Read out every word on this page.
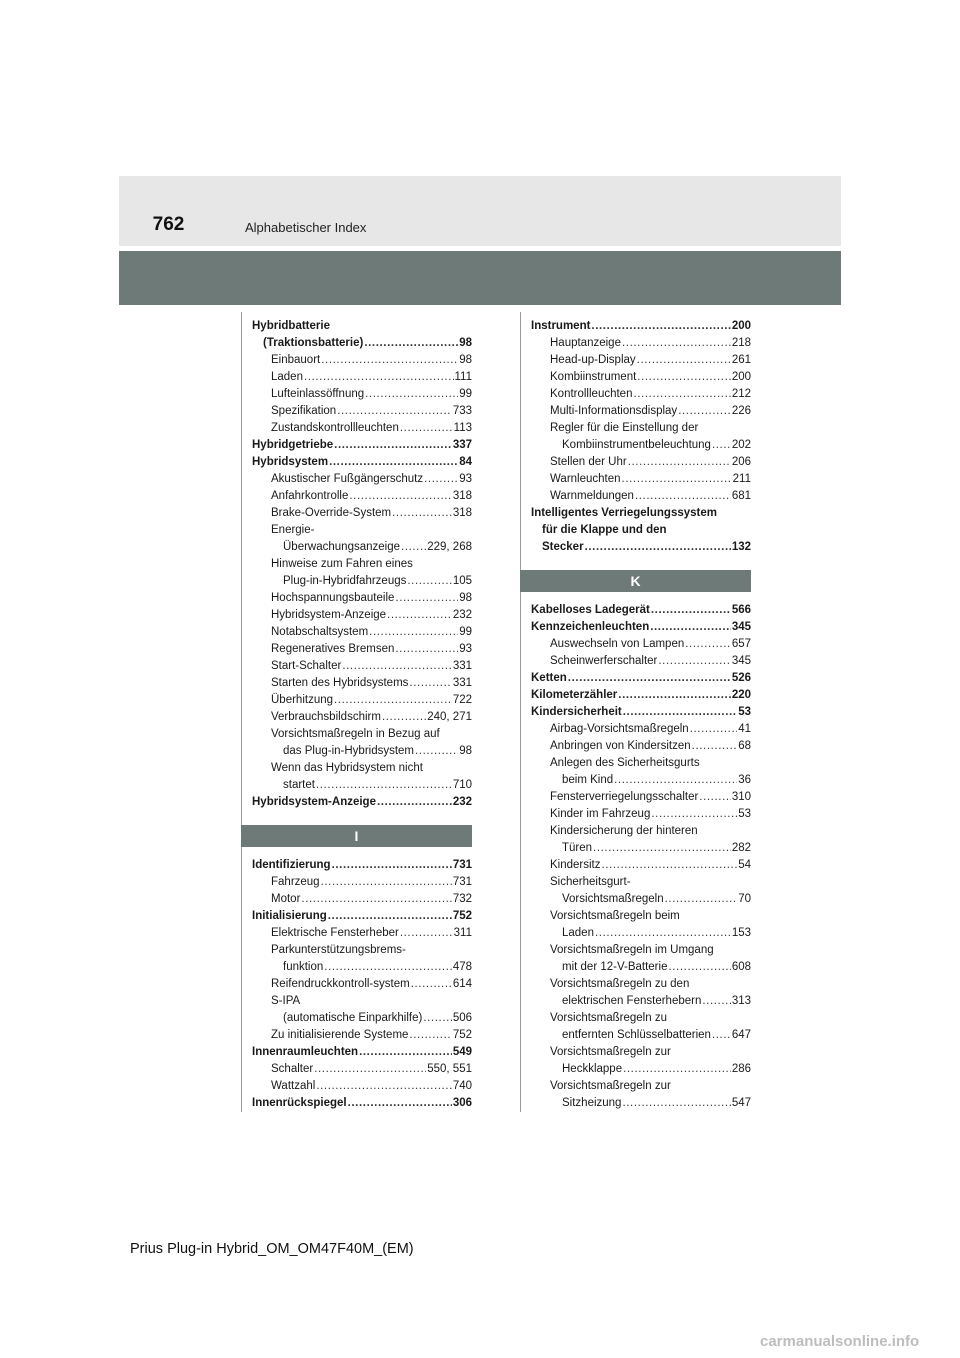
762	Alphabetischer Index

Hybridbatterie
(Traktionsbatterie) .....	98
Einbauort .....	98
Laden .....	111
Lufteinlassöffnung .....	99
Spezifikation .....	733
Zustandskontrollleuchten .....	113
Hybridgetriebe .....	337
Hybridsystem .....	84
Akustischer Fußgängerschutz .....	93
Anfahrkontrolle .....	318
Brake-Override-System .....	318
Energie-
Überwachungsanzeige ..... 229, 268
Hinweise zum Fahren eines
Plug-in-Hybridfahrzeugs .....	105
Hochspannungsbauteile .....	98
Hybridsystem-Anzeige .....	232
Notabschaltsystem .....	99
Regeneratives Bremsen .....	93
Start-Schalter .....	331
Starten des Hybridsystems .....	331
Überhitzung .....	722
Verbrauchsbildschirm .....	240, 271
Vorsichtsmaßregeln in Bezug auf
das Plug-in-Hybridsystem .....	98
Wenn das Hybridsystem nicht
startet .....	710
Hybridsystem-Anzeige .....	232
I
Identifizierung .....	731
Fahrzeug .....	731
Motor .....	732
Initialisierung .....	752
Elektrische Fensterheber .....	311
Parkunterstützungsbrems-
funktion .....	478
Reifendruckkontroll-system .....	614
S-IPA
(automatische Einparkhilfe) .....	506
Zu initialisierende Systeme .....	752
Innenraumleuchten .....	549
Schalter .....	550, 551
Wattzahl .....	740
Innenrückspiegel .....	306
Instrument .....	200
Hauptanzeige .....	218
Head-up-Display .....	261
Kombiinstrument .....	200
Kontrollleuchten .....	212
Multi-Informationsdisplay .....	226
Regler für die Einstellung der
Kombiinstrumentbeleuchtung ..... 202
Stellen der Uhr .....	206
Warnleuchten .....	211
Warnmeldungen .....	681
Intelligentes Verriegelungssystem
für die Klappe und den
Stecker .....	132
K
Kabelloses Ladegerät .....	566
Kennzeichenleuchten .....	345
Auswechseln von Lampen .....	657
Scheinwerferschalter .....	345
Ketten .....	526
Kilometerzähler .....	220
Kindersicherheit .....	53
Airbag-Vorsichtsmaßregeln .....	41
Anbringen von Kindersitzen .....	68
Anlegen des Sicherheitsgurts
beim Kind .....	36
Fensterverriegelungsschalter .....	310
Kinder im Fahrzeug .....	53
Kindersicherung der hinteren
Türen .....	282
Kindersitz .....	54
Sicherheitsgurt-
Vorsichtsmaßregeln .....	70
Vorsichtsmaßregeln beim
Laden .....	153
Vorsichtsmaßregeln im Umgang
mit der 12-V-Batterie .....	608
Vorsichtsmaßregeln zu den
elektrischen Fensterhebern .....	313
Vorsichtsmaßregeln zu
entfernten Schlüsselbatterien ..... 647
Vorsichtsmaßregeln zur
Heckklappe .....	286
Vorsichtsmaßregeln zur
Sitzheizung .....	547

Prius Plug-in Hybrid_OM_OM47F40M_(EM)

carmanualsonline.info
